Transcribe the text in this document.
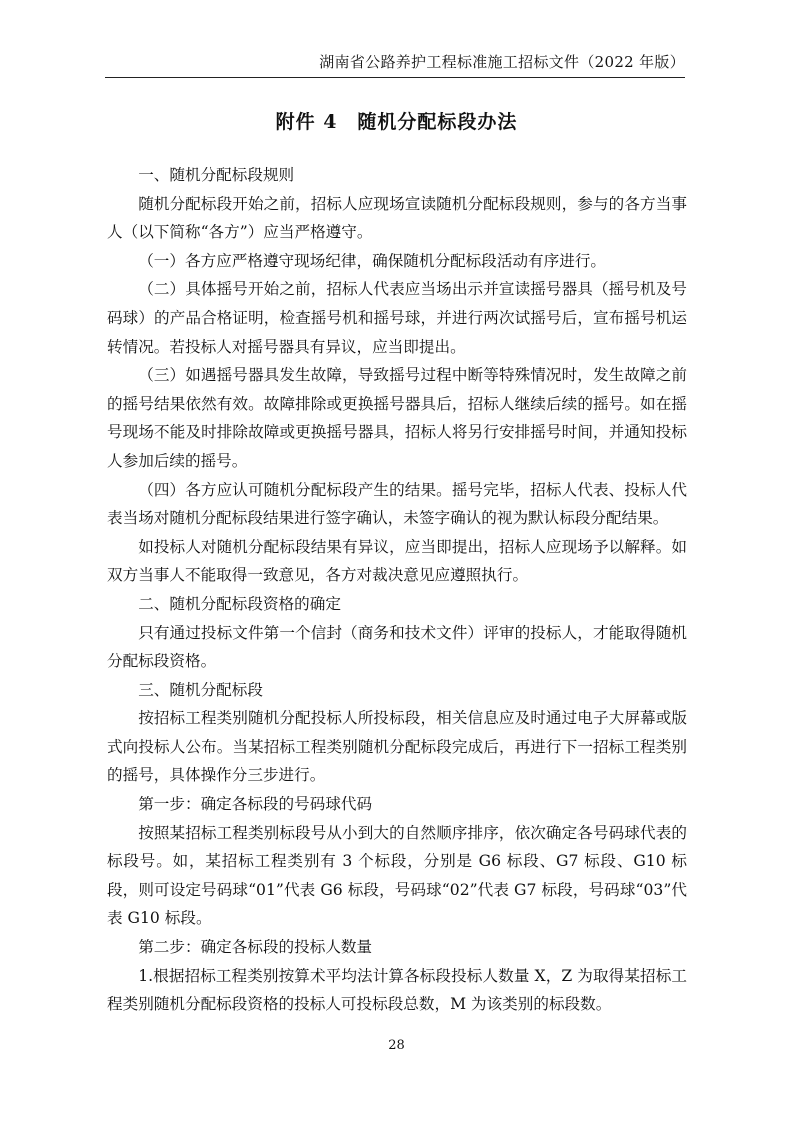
湖南省公路养护工程标准施工招标文件（2022 年版）
附件 4　随机分配标段办法

一、随机分配标段规则

随机分配标段开始之前，招标人应现场宣读随机分配标段规则，参与的各方当事人（以下简称“各方”）应当严格遵守。

（一）各方应严格遵守现场纪律，确保随机分配标段活动有序进行。

（二）具体摇号开始之前，招标人代表应当场出示并宣读摇号器具（摇号机及号码球）的产品合格证明，检查摇号机和摇号球，并进行两次试摇号后，宣布摇号机运转情况。若投标人对摇号器具有异议，应当即提出。

（三）如遇摇号器具发生故障，导致摇号过程中断等特殊情况时，发生故障之前的摇号结果依然有效。故障排除或更换摇号器具后，招标人继续后续的摇号。如在摇号现场不能及时排除故障或更换摇号器具，招标人将另行安排摇号时间，并通知投标人参加后续的摇号。

（四）各方应认可随机分配标段产生的结果。摇号完毕，招标人代表、投标人代表当场对随机分配标段结果进行签字确认，未签字确认的视为默认标段分配结果。

如投标人对随机分配标段结果有异议，应当即提出，招标人应现场予以解释。如双方当事人不能取得一致意见，各方对裁决意见应遵照执行。

二、随机分配标段资格的确定

只有通过投标文件第一个信封（商务和技术文件）评审的投标人，才能取得随机分配标段资格。

三、随机分配标段

按招标工程类别随机分配投标人所投标段，相关信息应及时通过电子大屏幕或版式向投标人公布。当某招标工程类别随机分配标段完成后，再进行下一招标工程类别的摇号，具体操作分三步进行。

第一步：确定各标段的号码球代码

按照某招标工程类别标段号从小到大的自然顺序排序，依次确定各号码球代表的标段号。如，某招标工程类别有 3 个标段，分别是 G6 标段、G7 标段、G10 标段，则可设定号码球“01”代表 G6 标段，号码球“02”代表 G7 标段，号码球“03”代表 G10 标段。

第二步：确定各标段的投标人数量

1.根据招标工程类别按算术平均法计算各标段投标人数量 X，Z 为取得某招标工程类别随机分配标段资格的投标人可投标段总数，M 为该类别的标段数。

28
